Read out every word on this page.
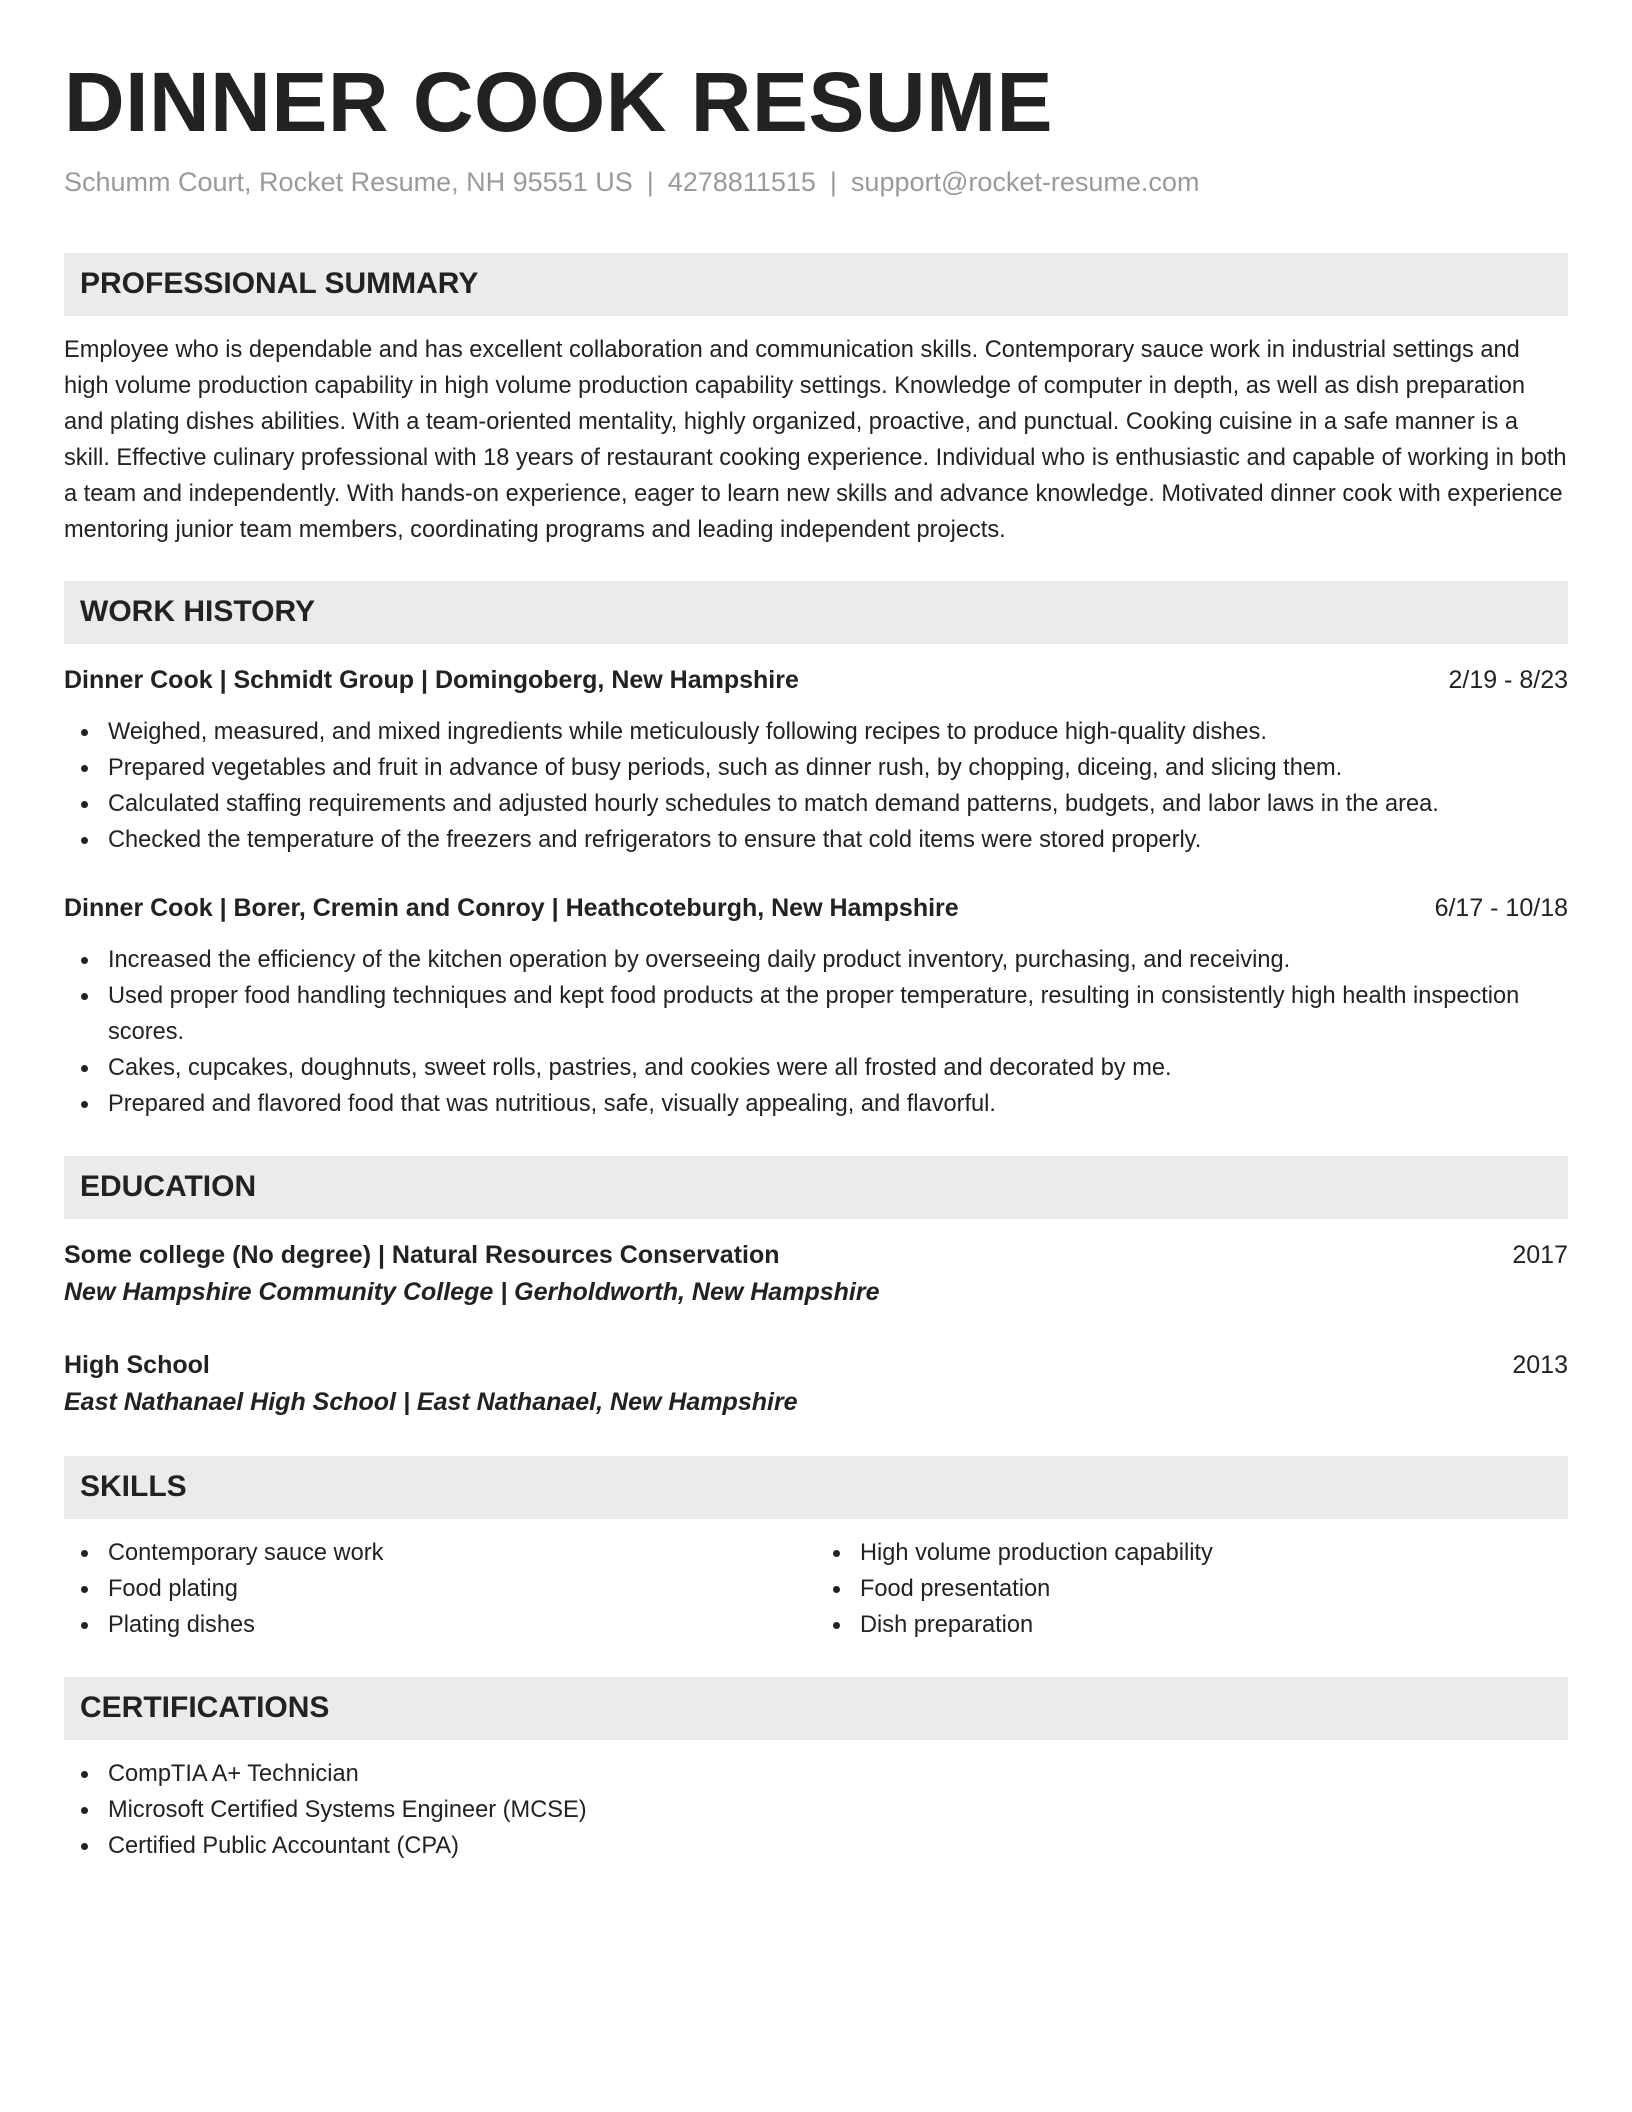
DINNER COOK RESUME
Schumm Court, Rocket Resume, NH 95551 US | 4278811515 | support@rocket-resume.com
PROFESSIONAL SUMMARY

Employee who is dependable and has excellent collaboration and communication skills. Contemporary sauce work in industrial settings and high volume production capability in high volume production capability settings. Knowledge of computer in depth, as well as dish preparation and plating dishes abilities. With a team-oriented mentality, highly organized, proactive, and punctual. Cooking cuisine in a safe manner is a skill. Effective culinary professional with 18 years of restaurant cooking experience. Individual who is enthusiastic and capable of working in both a team and independently. With hands-on experience, eager to learn new skills and advance knowledge. Motivated dinner cook with experience mentoring junior team members, coordinating programs and leading independent projects.

WORK HISTORY
Dinner Cook | Schmidt Group | Domingoberg, New Hampshire	2/19 - 8/23
Weighed, measured, and mixed ingredients while meticulously following recipes to produce high-quality dishes.
Prepared vegetables and fruit in advance of busy periods, such as dinner rush, by chopping, diceing, and slicing them.
Calculated staffing requirements and adjusted hourly schedules to match demand patterns, budgets, and labor laws in the area.
Checked the temperature of the freezers and refrigerators to ensure that cold items were stored properly.
Dinner Cook | Borer, Cremin and Conroy | Heathcoteburgh, New Hampshire	6/17 - 10/18
Increased the efficiency of the kitchen operation by overseeing daily product inventory, purchasing, and receiving.
Used proper food handling techniques and kept food products at the proper temperature, resulting in consistently high health inspection scores.
Cakes, cupcakes, doughnuts, sweet rolls, pastries, and cookies were all frosted and decorated by me.
Prepared and flavored food that was nutritious, safe, visually appealing, and flavorful.
EDUCATION
Some college (No degree) | Natural Resources Conservation	2017
New Hampshire Community College | Gerholdworth, New Hampshire
High School	2013
East Nathanael High School | East Nathanael, New Hampshire
SKILLS
Contemporary sauce work
Food plating
Plating dishes
High volume production capability
Food presentation
Dish preparation
CERTIFICATIONS
CompTIA A+ Technician
Microsoft Certified Systems Engineer (MCSE)
Certified Public Accountant (CPA)
